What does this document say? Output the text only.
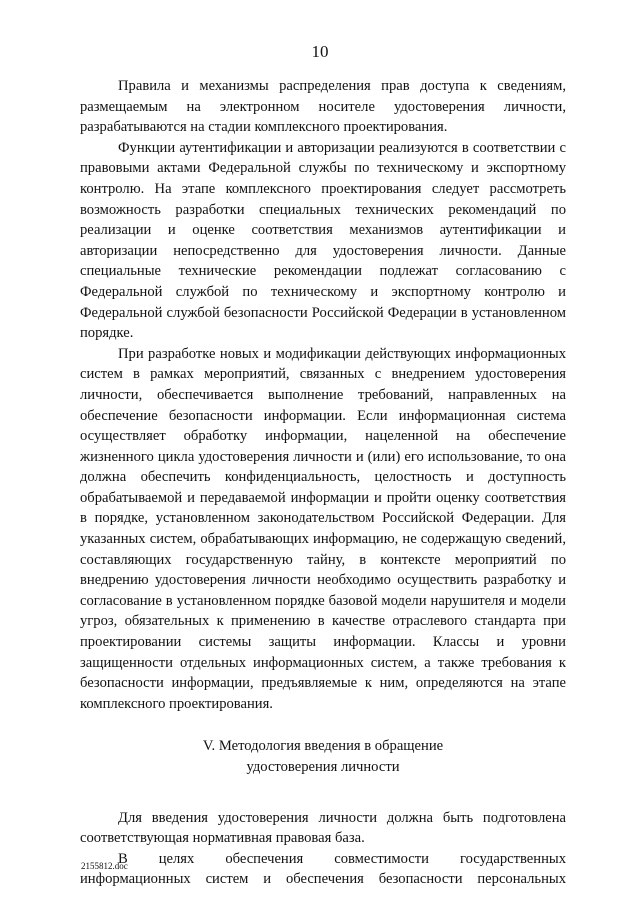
10

Правила и механизмы распределения прав доступа к сведениям, размещаемым на электронном носителе удостоверения личности, разрабатываются на стадии комплексного проектирования.

Функции аутентификации и авторизации реализуются в соответствии с правовыми актами Федеральной службы по техническому и экспортному контролю. На этапе комплексного проектирования следует рассмотреть возможность разработки специальных технических рекомендаций по реализации и оценке соответствия механизмов аутентификации и авторизации непосредственно для удостоверения личности. Данные специальные технические рекомендации подлежат согласованию с Федеральной службой по техническому и экспортному контролю и Федеральной службой безопасности Российской Федерации в установленном порядке.

При разработке новых и модификации действующих информационных систем в рамках мероприятий, связанных с внедрением удостоверения личности, обеспечивается выполнение требований, направленных на обеспечение безопасности информации. Если информационная система осуществляет обработку информации, нацеленной на обеспечение жизненного цикла удостоверения личности и (или) его использование, то она должна обеспечить конфиденциальность, целостность и доступность обрабатываемой и передаваемой информации и пройти оценку соответствия в порядке, установленном законодательством Российской Федерации. Для указанных систем, обрабатывающих информацию, не содержащую сведений, составляющих государственную тайну, в контексте мероприятий по внедрению удостоверения личности необходимо осуществить разработку и согласование в установленном порядке базовой модели нарушителя и модели угроз, обязательных к применению в качестве отраслевого стандарта при проектировании системы защиты информации. Классы и уровни защищенности отдельных информационных систем, а также требования к безопасности информации, предъявляемые к ним, определяются на этапе комплексного проектирования.

V. Методология введения в обращение
удостоверения личности

Для введения удостоверения личности должна быть подготовлена соответствующая нормативная правовая база.

В целях обеспечения совместимости государственных информационных систем и обеспечения безопасности персональных

2155812.doc
